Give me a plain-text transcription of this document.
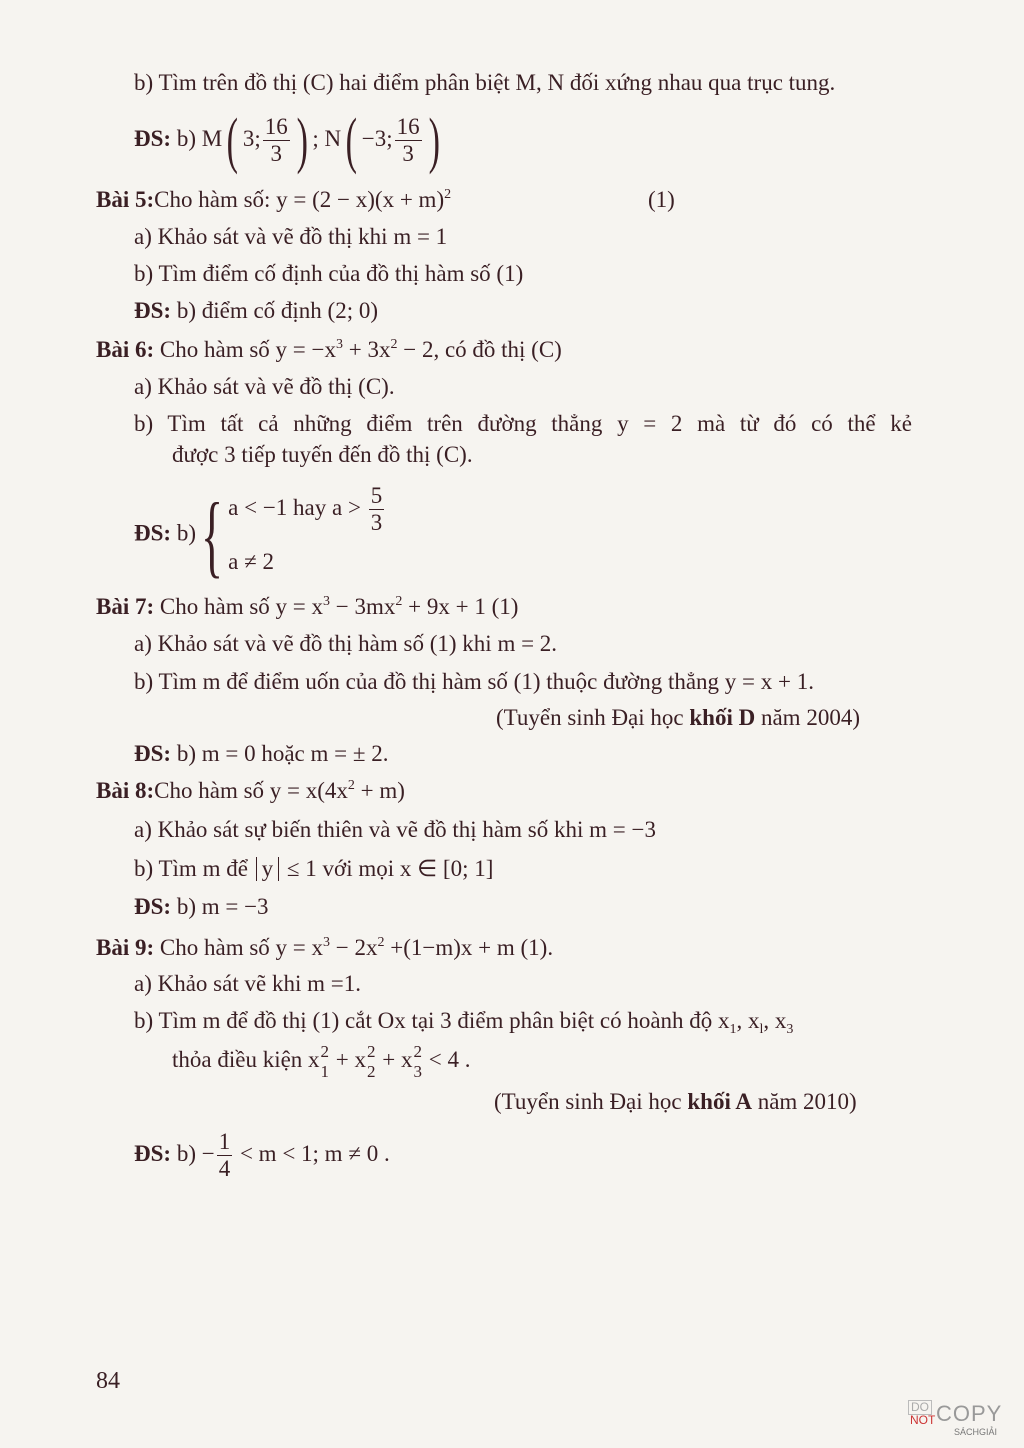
b) Tìm trên đồ thị (C) hai điểm phân biệt M, N đối xứng nhau qua trục tung.
ĐS: b) M( 3; $\frac{16}{3}$ ) ; N( −3; $\frac{16}{3}$ )
Bài 5:Cho hàm số: $y = (2 - x)(x + m)^2$	(1)
a) Khảo sát và vẽ đồ thị khi m = 1
b) Tìm điểm cố định của đồ thị hàm số (1)
ĐS: b) điểm cố định (2; 0)
Bài 6: Cho hàm số $y = -x^3 + 3x^2 - 2$, có đồ thị (C)
a) Khảo sát và vẽ đồ thị (C).
b) Tìm tất cả những điểm trên đường thẳng y = 2 mà từ đó có thể kẻ
được 3 tiếp tuyến đến đồ thị (C).
ĐS: b){ a < −1 hay $a > \frac{5}{3}$
a ≠ 2
Bài 7: Cho hàm số $y = x^3 - 3mx^2 + 9x + 1$ (1)
a) Khảo sát và vẽ đồ thị hàm số (1) khi m = 2.
b) Tìm m để điểm uốn của đồ thị hàm số (1) thuộc đường thẳng y = x + 1.
(Tuyển sinh Đại học khối D năm 2004)
ĐS: b) m = 0 hoặc m = ± 2.
Bài 8:Cho hàm số $y = x(4x^2 + m)$
a) Khảo sát sự biến thiên và vẽ đồ thị hàm số khi m = −3
b) Tìm m để y ≤ 1 với mọi x ∈ [0; 1]
ĐS: b) m = −3
Bài 9: Cho hàm số $y = x^3 - 2x^2 +(1-m)x + m$ (1).
a) Khảo sát vẽ khi m =1.
b) Tìm m để đồ thị (1) cắt Ox tại 3 điểm phân biệt có hoành độ $x_1$, $x_l$, $x_3$
thỏa điều kiện x 2
1 + x 2
2 + x 2
3 < 4 .
(Tuyển sinh Đại học khối A năm 2010)
ĐS: $b) - \frac{1}{4} < m < 1$; m ≠ 0 .
84
DO
NOT COPY
SÁCHGIẢI
